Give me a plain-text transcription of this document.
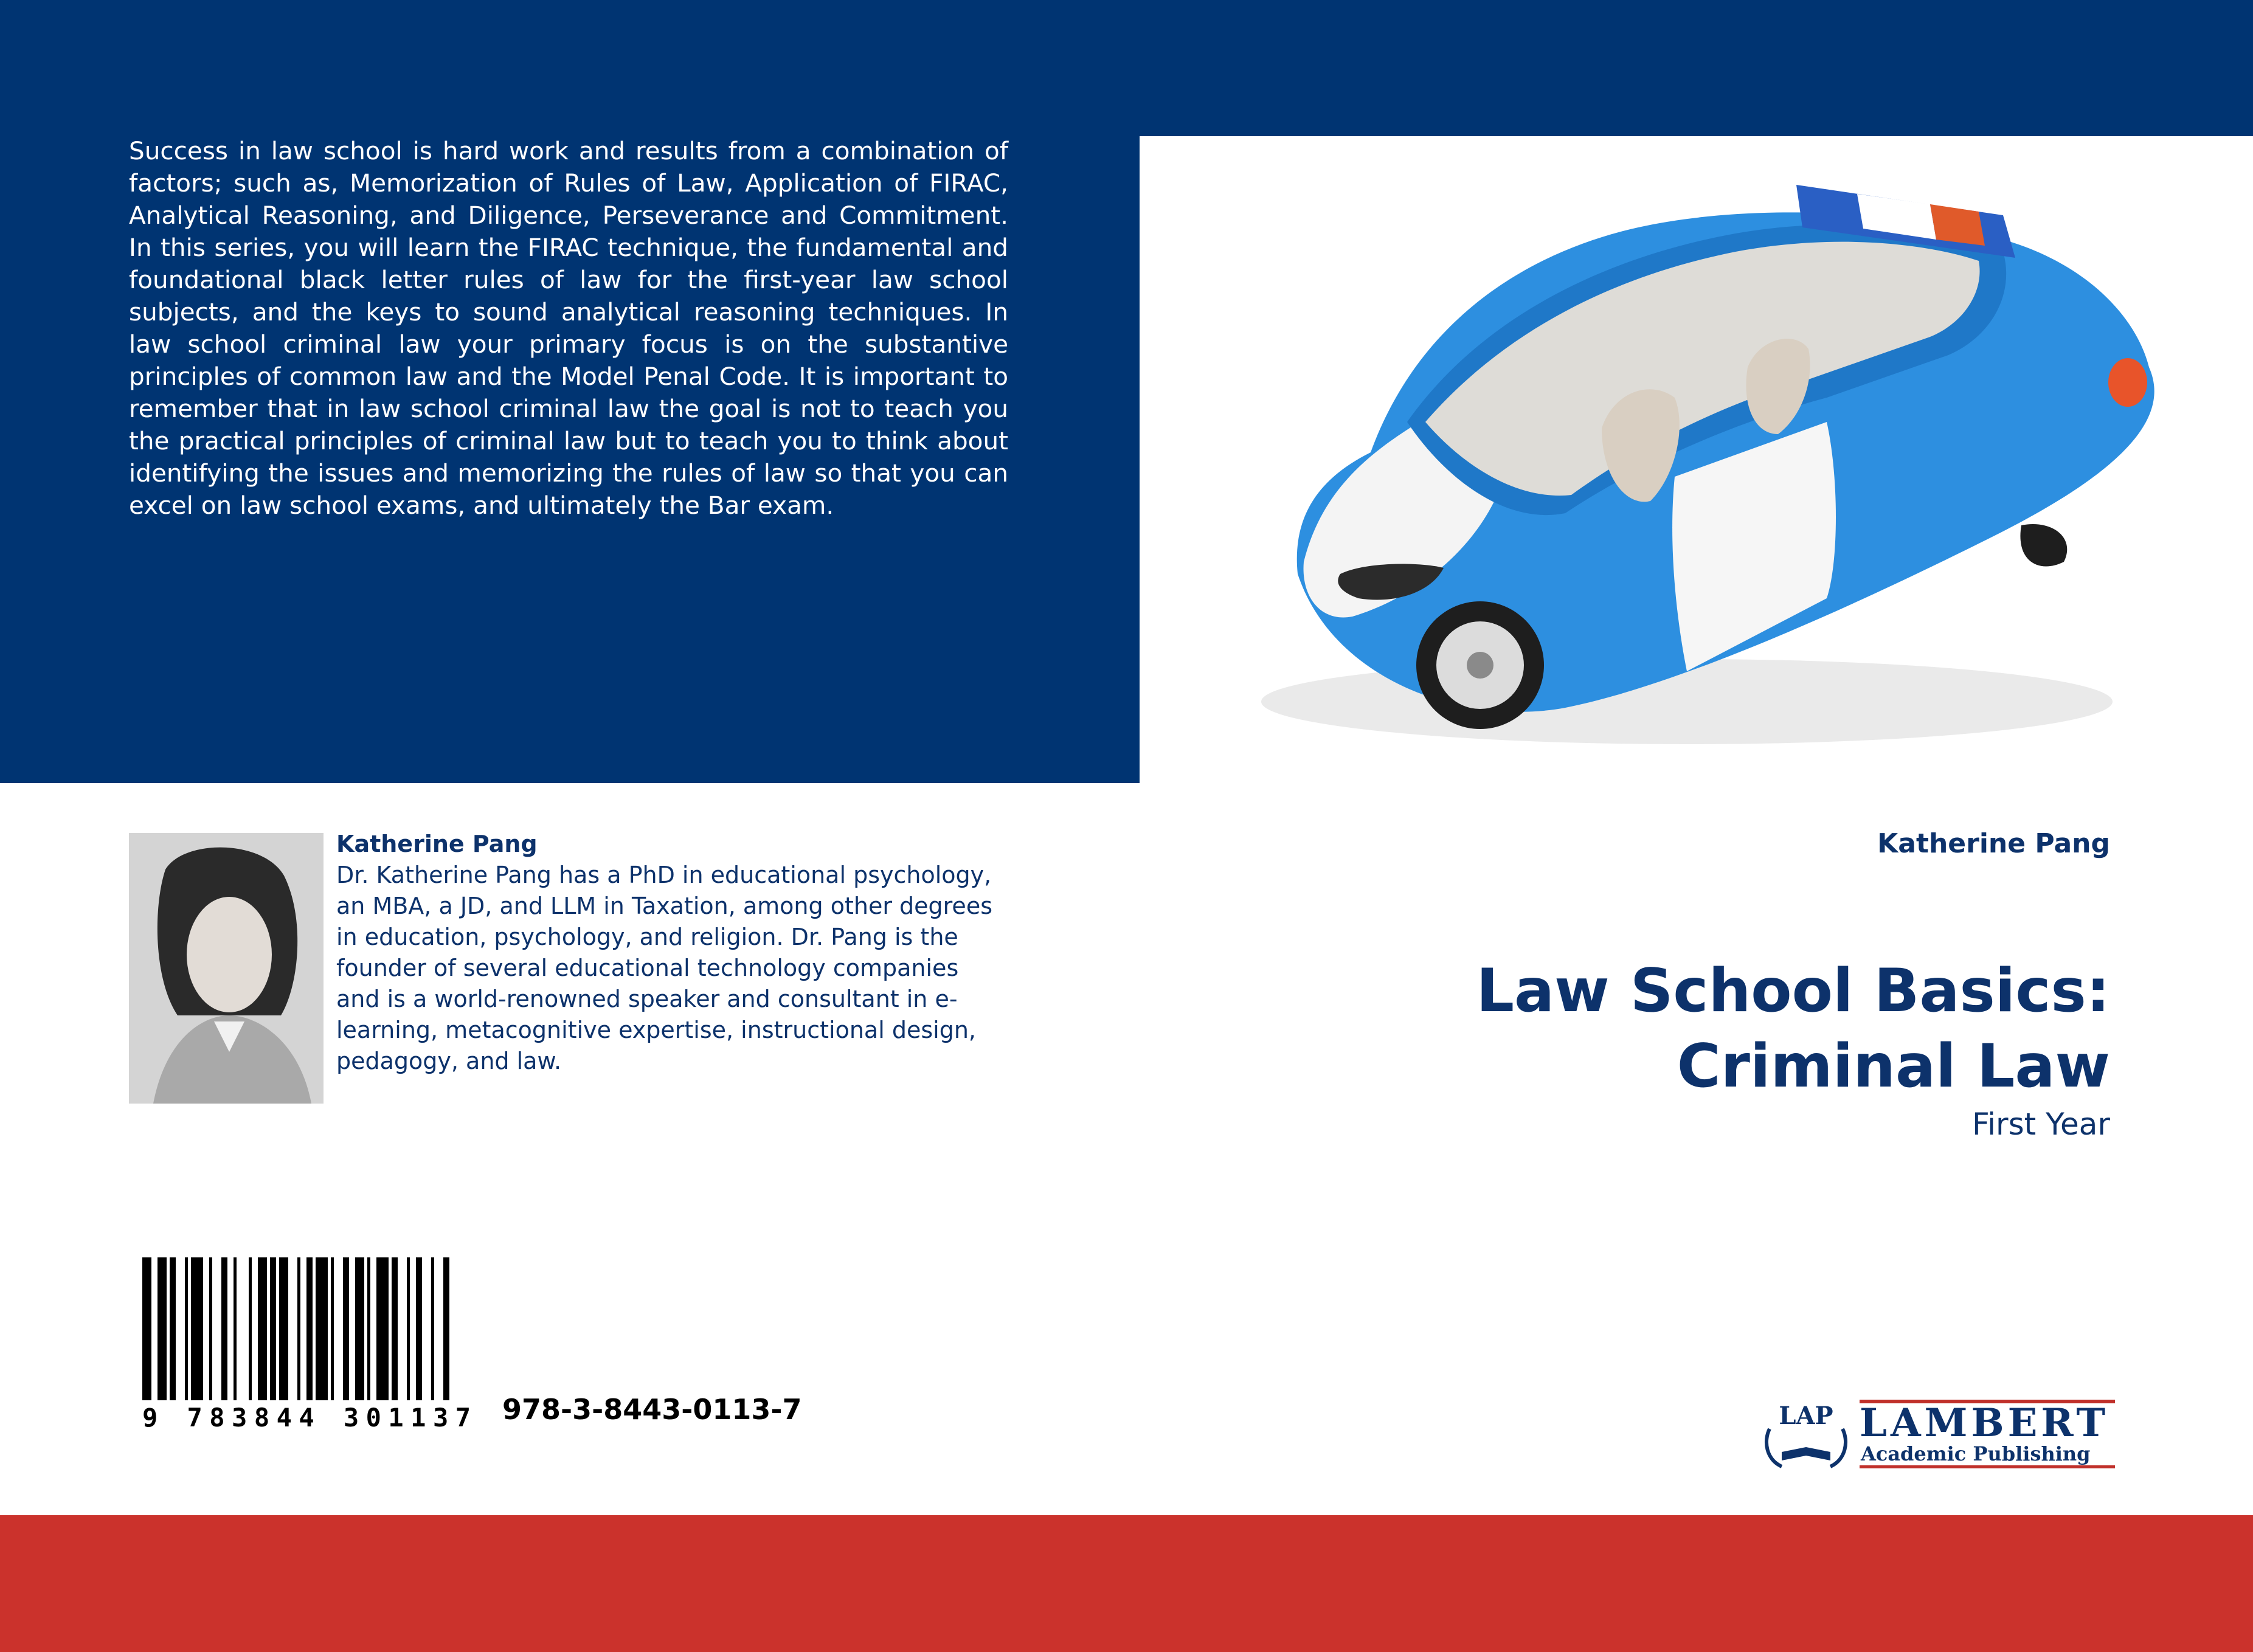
Success in law school is hard work and results from a combination of factors; such as, Memorization of Rules of Law, Application of FIRAC, Analytical Reasoning, and Diligence, Perseverance and Commitment. In this series, you will learn the FIRAC technique, the fundamental and foundational black letter rules of law for the first-year law school subjects, and the keys to sound analytical reasoning techniques. In law school criminal law your primary focus is on the substantive principles of common law and the Model Penal Code. It is important to remember that in law school criminal law the goal is not to teach you the practical principles of criminal law but to teach you to think about identifying the issues and memorizing the rules of law so that you can excel on law school exams, and ultimately the Bar exam.
Katherine Pang
Dr. Katherine Pang has a PhD in educational psychology, an MBA, a JD, and LLM in Taxation, among other degrees in education, psychology, and religion. Dr. Pang is the founder of several educational technology companies and is a world-renowned speaker and consultant in e-learning, metacognitive expertise, instructional design, pedagogy, and law.
Katherine Pang
Law School Basics:
Criminal Law
First Year
9 783844 301137 978-3-8443-0113-7	LAP LAMBERT
Academic Publishing
